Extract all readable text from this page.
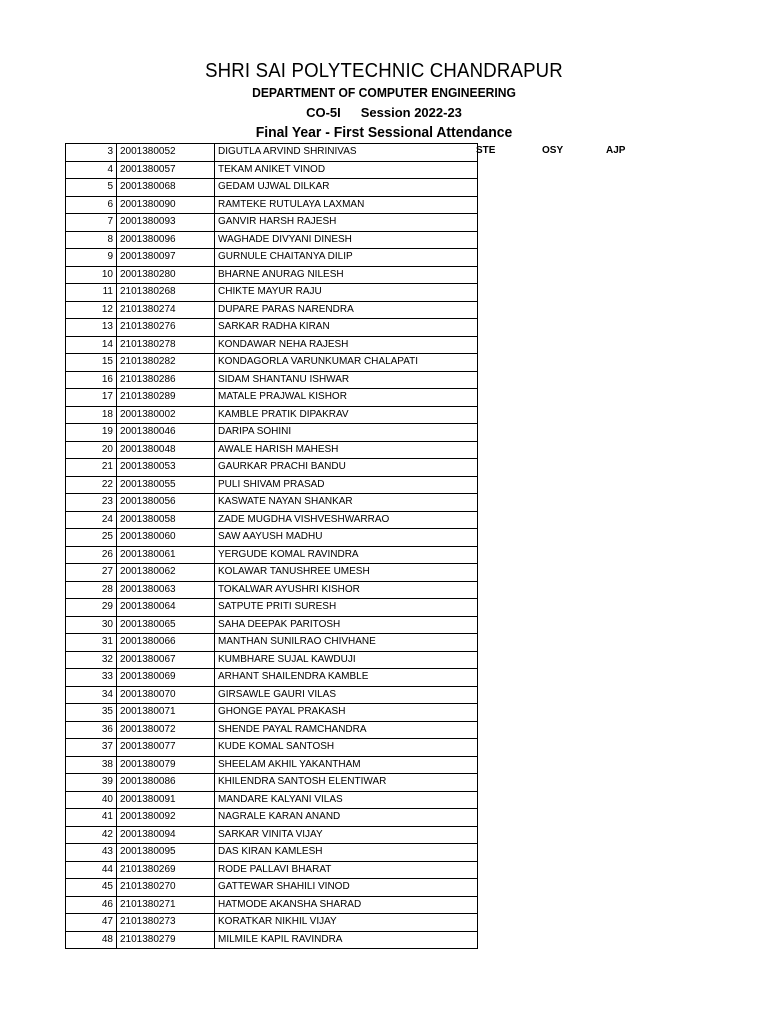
SHRI SAI POLYTECHNIC CHANDRAPUR
DEPARTMENT OF COMPUTER ENGINEERING
CO-5I Session 2022-23
Final Year - First Sessional Attendance
STE	OSY	AJP
3	2001380052	DIGUTLA ARVIND SHRINIVAS
4	2001380057	TEKAM ANIKET VINOD
5	2001380068	GEDAM UJWAL DILKAR
6	2001380090	RAMTEKE RUTULAYA LAXMAN
7	2001380093	GANVIR HARSH RAJESH
8	2001380096	WAGHADE DIVYANI DINESH
9	2001380097	GURNULE CHAITANYA DILIP
10	2001380280	BHARNE ANURAG NILESH
11	2101380268	CHIKTE MAYUR RAJU
12	2101380274	DUPARE PARAS NARENDRA
13	2101380276	SARKAR RADHA KIRAN
14	2101380278	KONDAWAR NEHA RAJESH
15	2101380282	KONDAGORLA VARUNKUMAR CHALAPATI
16	2101380286	SIDAM SHANTANU ISHWAR
17	2101380289	MATALE PRAJWAL KISHOR
18	2001380002	KAMBLE PRATIK DIPAKRAV
19	2001380046	DARIPA SOHINI
20	2001380048	AWALE HARISH MAHESH
21	2001380053	GAURKAR PRACHI BANDU
22	2001380055	PULI SHIVAM PRASAD
23	2001380056	KASWATE NAYAN SHANKAR
24	2001380058	ZADE MUGDHA VISHVESHWARRAO
25	2001380060	SAW AAYUSH MADHU
26	2001380061	YERGUDE KOMAL RAVINDRA
27	2001380062	KOLAWAR TANUSHREE UMESH
28	2001380063	TOKALWAR AYUSHRI KISHOR
29	2001380064	SATPUTE PRITI SURESH
30	2001380065	SAHA DEEPAK PARITOSH
31	2001380066	MANTHAN SUNILRAO CHIVHANE
32	2001380067	KUMBHARE SUJAL KAWDUJI
33	2001380069	ARHANT SHAILENDRA KAMBLE
34	2001380070	GIRSAWLE GAURI VILAS
35	2001380071	GHONGE PAYAL PRAKASH
36	2001380072	SHENDE PAYAL RAMCHANDRA
37	2001380077	KUDE KOMAL SANTOSH
38	2001380079	SHEELAM AKHIL YAKANTHAM
39	2001380086	KHILENDRA SANTOSH ELENTIWAR
40	2001380091	MANDARE KALYANI VILAS
41	2001380092	NAGRALE KARAN ANAND
42	2001380094	SARKAR VINITA VIJAY
43	2001380095	DAS KIRAN KAMLESH
44	2101380269	RODE PALLAVI BHARAT
45	2101380270	GATTEWAR SHAHILI VINOD
46	2101380271	HATMODE AKANSHA SHARAD
47	2101380273	KORATKAR NIKHIL VIJAY
48	2101380279	MILMILE KAPIL RAVINDRA
